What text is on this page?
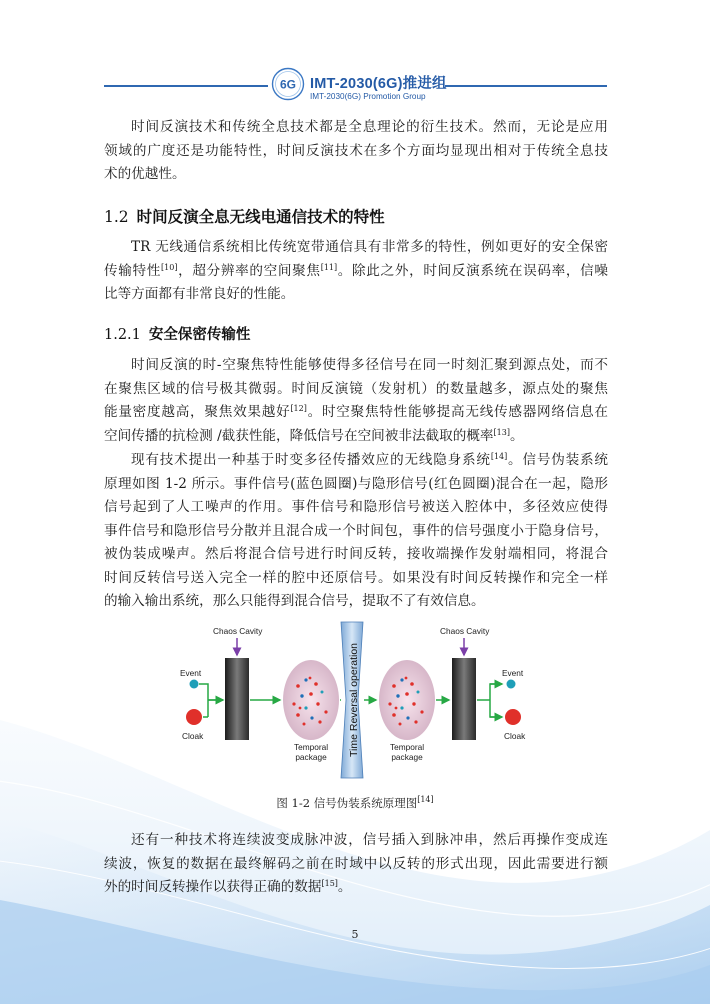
6G IMT-2030(6G)推进组
IMT-2030(6G) Promotion Group
时间反演技术和传统全息技术都是全息理论的衍生技术。然而，无论是应用
领域的广度还是功能特性，时间反演技术在多个方面均显现出相对于传统全息技
术的优越性。
1.2 时间反演全息无线电通信技术的特性
TR 无线通信系统相比传统宽带通信具有非常多的特性，例如更好的安全保密
传输特性[10]，超分辨率的空间聚焦[11]。除此之外，时间反演系统在误码率，信噪
比等方面都有非常良好的性能。
1.2.1 安全保密传输性
时间反演的时-空聚焦特性能够使得多径信号在同一时刻汇聚到源点处，而不
在聚焦区域的信号极其微弱。时间反演镜（发射机）的数量越多，源点处的聚焦
能量密度越高，聚焦效果越好[12]。时空聚焦特性能够提高无线传感器网络信息在
空间传播的抗检测 /截获性能，降低信号在空间被非法截取的概率[13]。
现有技术提出一种基于时变多径传播效应的无线隐身系统[14]。信号伪装系统
原理如图 1-2 所示。事件信号(蓝色圆圈)与隐形信号(红色圆圈)混合在一起，隐形
信号起到了人工噪声的作用。事件信号和隐形信号被送入腔体中，多径效应使得
事件信号和隐形信号分散并且混合成一个时间包，事件的信号强度小于隐身信号，
被伪装成噪声。然后将混合信号进行时间反转，接收端操作发射端相同，将混合
时间反转信号送入完全一样的腔中还原信号。如果没有时间反转操作和完全一样
的输入输出系统，那么只能得到混合信号，提取不了有效信息。
Time Reversal operation
Chaos Cavity	Chaos Cavity
Event
Cloak
Event
Cloak
Temporal
package
Temporal
package
图 1-2 信号伪装系统原理图[14]
还有一种技术将连续波变成脉冲波，信号插入到脉冲串，然后再操作变成连
续波，恢复的数据在最终解码之前在时域中以反转的形式出现，因此需要进行额
外的时间反转操作以获得正确的数据[15]。
5
